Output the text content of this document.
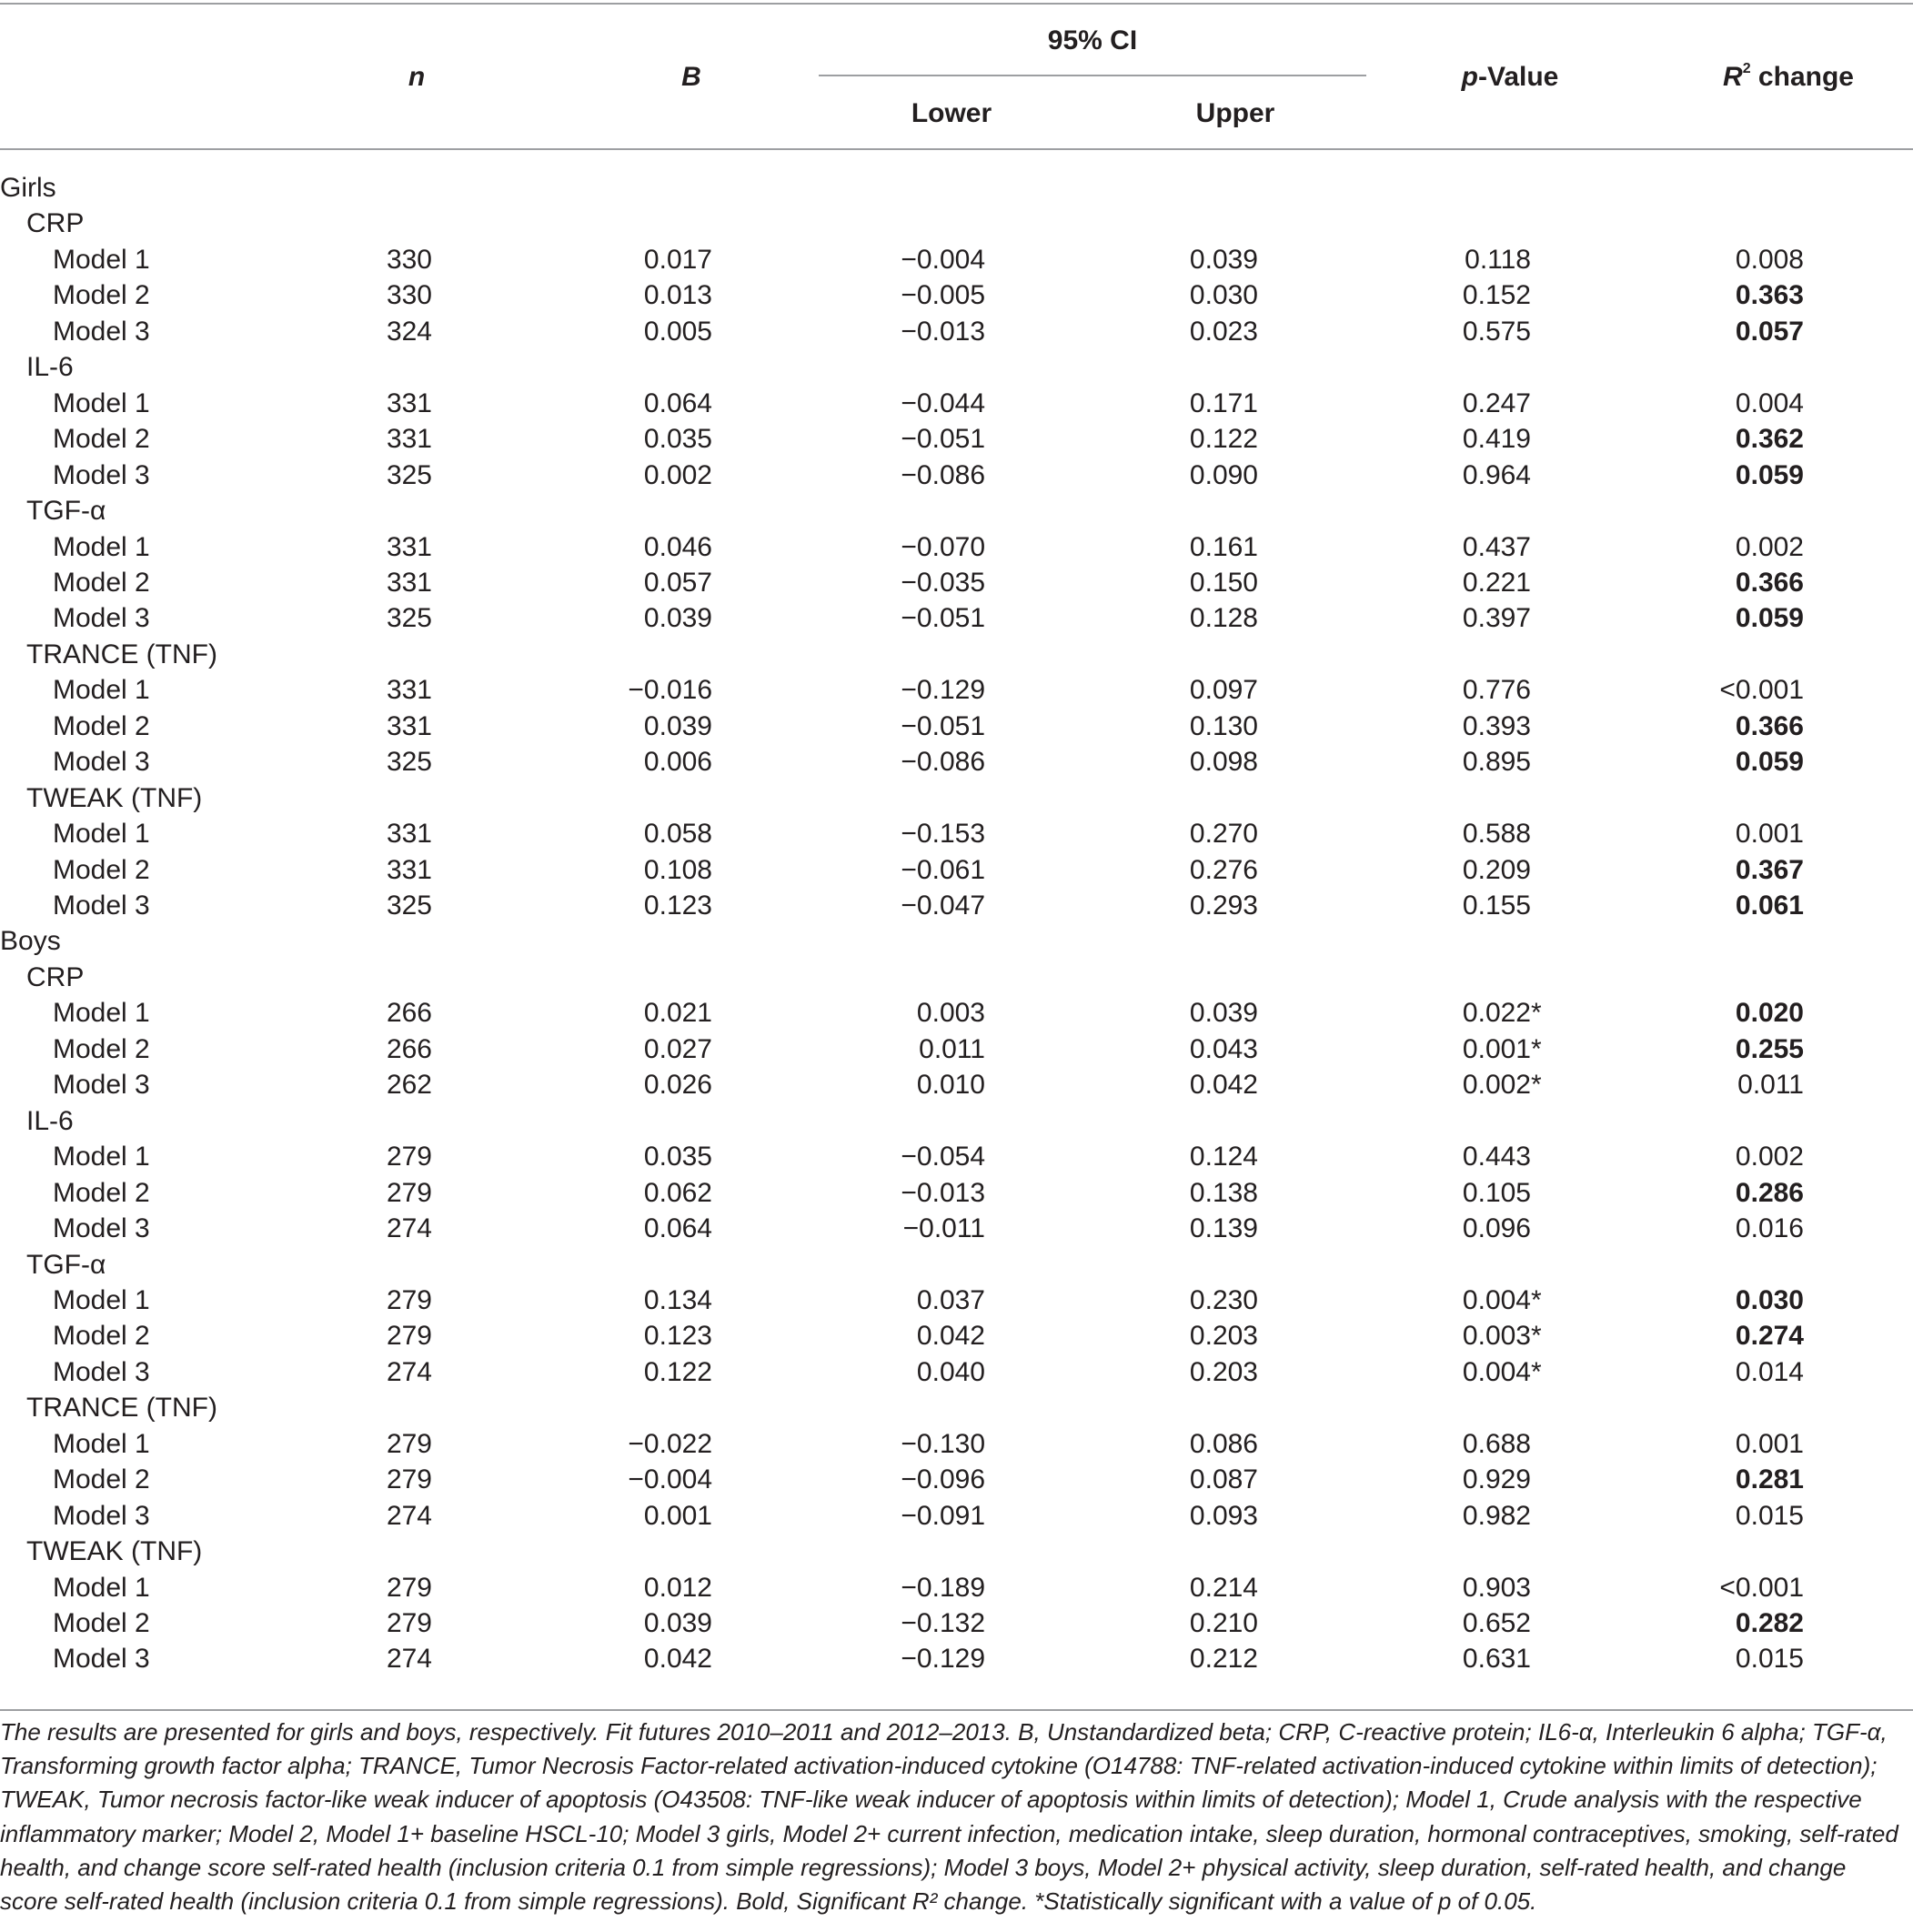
n	B
95% CI
Lower	Upper
p-Value	$R^2$ change
Girls
CRP
Model 1	330	0.017	−0.004	0.039	0.118	0.008
Model 2	330	0.013	−0.005	0.030	0.152	0.363
Model 3	324	0.005	−0.013	0.023	0.575	0.057
IL-6
Model 1	331	0.064	−0.044	0.171	0.247	0.004
Model 2	331	0.035	−0.051	0.122	0.419	0.362
Model 3	325	0.002	−0.086	0.090	0.964	0.059
TGF-α
Model 1	331	0.046	−0.070	0.161	0.437	0.002
Model 2	331	0.057	−0.035	0.150	0.221	0.366
Model 3	325	0.039	−0.051	0.128	0.397	0.059
TRANCE (TNF)
Model 1	331	−0.016	−0.129	0.097	0.776	<0.001
Model 2	331	0.039	−0.051	0.130	0.393	0.366
Model 3	325	0.006	−0.086	0.098	0.895	0.059
TWEAK (TNF)
Model 1	331	0.058	−0.153	0.270	0.588	0.001
Model 2	331	0.108	−0.061	0.276	0.209	0.367
Model 3	325	0.123	−0.047	0.293	0.155	0.061
Boys
CRP
Model 1	266	0.021	0.003	0.039	0.022*	0.020
Model 2	266	0.027	0.011	0.043	0.001*	0.255
Model 3	262	0.026	0.010	0.042	0.002*	0.011
IL-6
Model 1	279	0.035	−0.054	0.124	0.443	0.002
Model 2	279	0.062	−0.013	0.138	0.105	0.286
Model 3	274	0.064	−0.011	0.139	0.096	0.016
TGF-α
Model 1	279	0.134	0.037	0.230	0.004*	0.030
Model 2	279	0.123	0.042	0.203	0.003*	0.274
Model 3	274	0.122	0.040	0.203	0.004*	0.014
TRANCE (TNF)
Model 1	279	−0.022	−0.130	0.086	0.688	0.001
Model 2	279	−0.004	−0.096	0.087	0.929	0.281
Model 3	274	0.001	−0.091	0.093	0.982	0.015
TWEAK (TNF)
Model 1	279	0.012	−0.189	0.214	0.903	<0.001
Model 2	279	0.039	−0.132	0.210	0.652	0.282
Model 3	274	0.042	−0.129	0.212	0.631	0.015
The results are presented for girls and boys, respectively. Fit futures 2010–2011 and 2012–2013. B, Unstandardized beta; CRP, C-reactive protein; IL6-α, Interleukin 6 alpha; TGF-α, Transforming growth factor alpha; TRANCE, Tumor Necrosis Factor-related activation-induced cytokine (O14788: TNF-related activation-induced cytokine within limits of detection); TWEAK, Tumor necrosis factor-like weak inducer of apoptosis (O43508: TNF-like weak inducer of apoptosis within limits of detection); Model 1, Crude analysis with the respective inflammatory marker; Model 2, Model 1+ baseline HSCL-10; Model 3 girls, Model 2+ current infection, medication intake, sleep duration, hormonal contraceptives, smoking, self-rated health, and change score self-rated health (inclusion criteria 0.1 from simple regressions); Model 3 boys, Model 2+ physical activity, sleep duration, self-rated health, and change score self-rated health (inclusion criteria 0.1 from simple regressions). Bold, Significant R² change. *Statistically significant with a value of p of 0.05.
